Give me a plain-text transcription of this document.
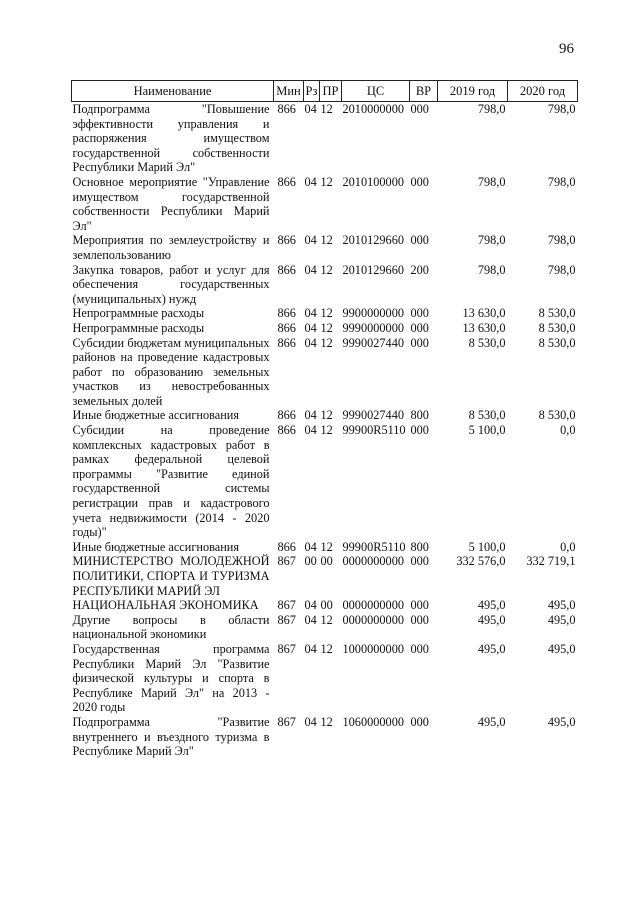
96
Наименование	Мин	Рз	ПР	ЦС	ВР	2019 год	2020 год
Подпрограмма "Повышение эффективности управления и распоряжения имуществом государственной собственности Республики Марий Эл"	866	04	12	2010000000	000	798,0	798,0
Основное мероприятие "Управление имуществом государственной собственности Республики Марий Эл"	866	04	12	2010100000	000	798,0	798,0
Мероприятия по землеустройству и землепользованию	866	04	12	2010129660	000	798,0	798,0
Закупка товаров, работ и услуг для обеспечения государственных (муниципальных) нужд	866	04	12	2010129660	200	798,0	798,0
Непрограммные расходы	866	04	12	9900000000	000	13 630,0	8 530,0
Непрограммные расходы	866	04	12	9990000000	000	13 630,0	8 530,0
Субсидии бюджетам муниципальных районов на проведение кадастровых работ по образованию земельных участков из невостребованных земельных долей	866	04	12	9990027440	000	8 530,0	8 530,0
Иные бюджетные ассигнования	866	04	12	9990027440	800	8 530,0	8 530,0
Субсидии на проведение комплексных кадастровых работ в рамках федеральной целевой программы "Развитие единой государственной системы регистрации прав и кадастрового учета недвижимости (2014 - 2020 годы)"	866	04	12	99900R5110	000	5 100,0	0,0
Иные бюджетные ассигнования	866	04	12	99900R5110	800	5 100,0	0,0
МИНИСТЕРСТВО МОЛОДЕЖНОЙ ПОЛИТИКИ, СПОРТА И ТУРИЗМА РЕСПУБЛИКИ МАРИЙ ЭЛ	867	00	00	0000000000	000	332 576,0	332 719,1
НАЦИОНАЛЬНАЯ ЭКОНОМИКА	867	04	00	0000000000	000	495,0	495,0
Другие вопросы в области национальной экономики	867	04	12	0000000000	000	495,0	495,0
Государственная программа Республики Марий Эл "Развитие физической культуры и спорта в Республике Марий Эл" на 2013 - 2020 годы	867	04	12	1000000000	000	495,0	495,0
Подпрограмма "Развитие внутреннего и въездного туризма в Республике Марий Эл"	867	04	12	1060000000	000	495,0	495,0
